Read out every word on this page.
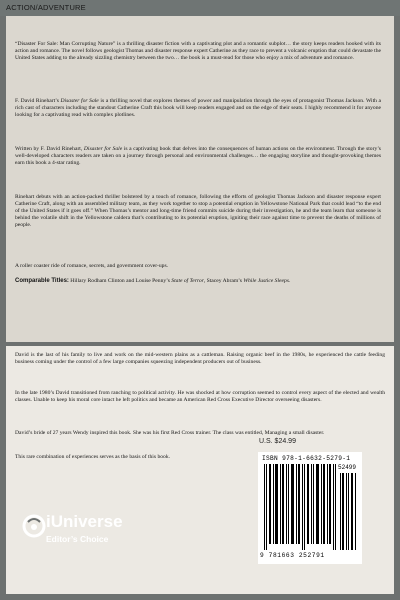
ACTION/ADVENTURE

“Disaster For Sale: Man Corrupting Nature” is a thrilling disaster fiction with a captivating plot and a romantic subplot… the story keeps readers hooked with its action and romance. The novel follows geologist Thomas and disaster response expert Catherine as they race to prevent a volcanic eruption that could devastate the United States adding to the already sizzling chemistry between the two… the book is a must-read for those who enjoy a mix of adventure and romance.

F. David Rinehart’s Disaster for Sale is a thrilling novel that explores themes of power and manipulation through the eyes of protagonist Thomas Jackson. With a rich cast of characters including the standout Catherine Craft this book will keep readers engaged and on the edge of their seats. I highly recommend it for anyone looking for a captivating read with complex plotlines.

Written by F. David Rinehart, Disaster for Sale is a captivating book that delves into the consequences of human actions on the environment. Through the story’s well-developed characters readers are taken on a journey through personal and environmental challenges… the engaging storyline and thought-provoking themes earn this book a 4-star rating.

Rinehart debuts with an action-packed thriller bolstered by a touch of romance, following the efforts of geologist Thomas Jackson and disaster response expert Catherine Craft, along with an assembled military team, as they work together to stop a potential eruption in Yellowstone National Park that could lead “to the end of the United States if it goes off.” When Thomas’s mentor and long-time friend commits suicide during their investigation, he and the team learn that someone is behind the volatile shift in the Yellowstone caldera that’s contributing to its potential eruption, igniting their race against time to prevent the deaths of millions of people.

A roller coaster ride of romance, secrets, and government cover-ups.

Comparable Titles: Hillary Rodham Clinton and Louise Penny’s State of Terror, Stacey Abram’s While Justice Sleeps.

David is the last of his family to live and work on the mid-western plains as a cattleman. Raising organic beef in the 1980s, he experienced the cattle feeding business coming under the control of a few large companies squeezing independent producers out of business.

In the late 1980’s David transitioned from ranching to political activity. He was shocked at how corruption seemed to control every aspect of the elected and wealth classes. Unable to keep his moral core intact he left politics and became an American Red Cross Executive Director overseeing disasters.

David’s bride of 27 years Wendy inspired this book. She was his first Red Cross trainer. The class was entitled, Managing a small disaster.

This rare combination of experiences serves as the basis of this book.

U.S. $24.99
ISBN 978-1-6632-5279-1
52499
9 781663 252791
iUniverse
Editor’s Choice
